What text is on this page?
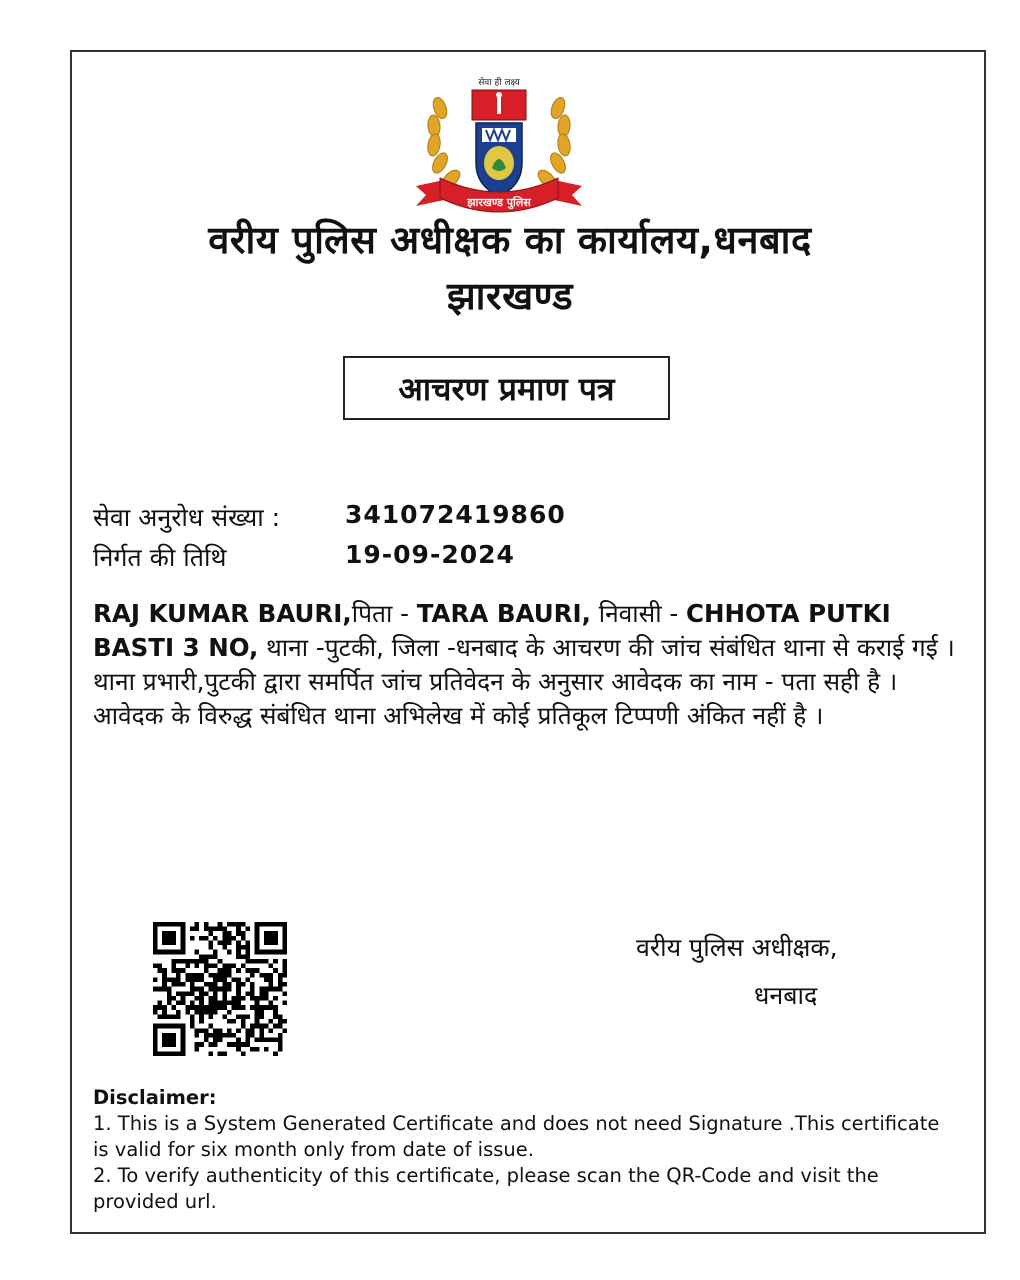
सेवा ही लक्ष्य
झारखण्ड पुलिस
वरीय पुलिस अधीक्षक का कार्यालय,धनबाद
झारखण्ड
आचरण प्रमाण पत्र
सेवा अनुरोध संख्या :	341072419860
निर्गत की तिथि	19-09-2024
RAJ KUMAR BAURI,पिता - TARA BAURI, निवासी - CHHOTA PUTKI BASTI 3 NO, थाना -पुटकी, जिला -धनबाद के आचरण की जांच संबंधित थाना से कराई गई । थाना प्रभारी,पुटकी द्वारा समर्पित जांच प्रतिवेदन के अनुसार आवेदक का नाम - पता सही है । आवेदक के विरुद्ध संबंधित थाना अभिलेख में कोई प्रतिकूल टिप्पणी अंकित नहीं है ।
वरीय पुलिस अधीक्षक,
धनबाद
Disclaimer:
1. This is a System Generated Certificate and does not need Signature .This certificate is valid for six month only from date of issue.
2. To verify authenticity of this certificate, please scan the QR-Code and visit the provided url.
